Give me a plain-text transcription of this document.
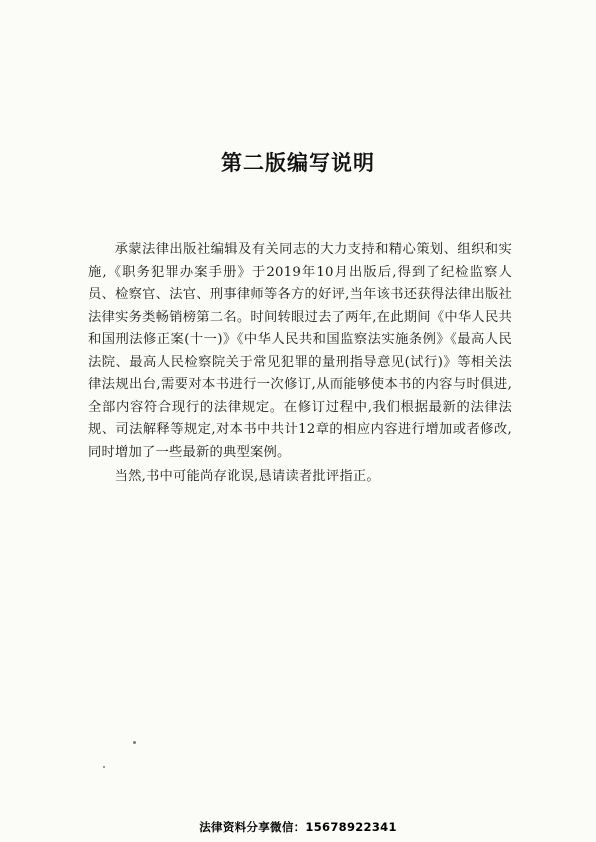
第二版编写说明

承蒙法律出版社编辑及有关同志的大力支持和精心策划、组织和实施,《职务犯罪办案手册》于2019年10月出版后,得到了纪检监察人员、检察官、法官、刑事律师等各方的好评,当年该书还获得法律出版社法律实务类畅销榜第二名。时间转眼过去了两年,在此期间《中华人民共和国刑法修正案(十一)》《中华人民共和国监察法实施条例》《最高人民法院、最高人民检察院关于常见犯罪的量刑指导意见(试行)》等相关法律法规出台,需要对本书进行一次修订,从而能够使本书的内容与时俱进,全部内容符合现行的法律规定。在修订过程中,我们根据最新的法律法规、司法解释等规定,对本书中共计12章的相应内容进行增加或者修改,同时增加了一些最新的典型案例。

当然,书中可能尚存讹误,恳请读者批评指正。

法律资料分享微信：15678922341
